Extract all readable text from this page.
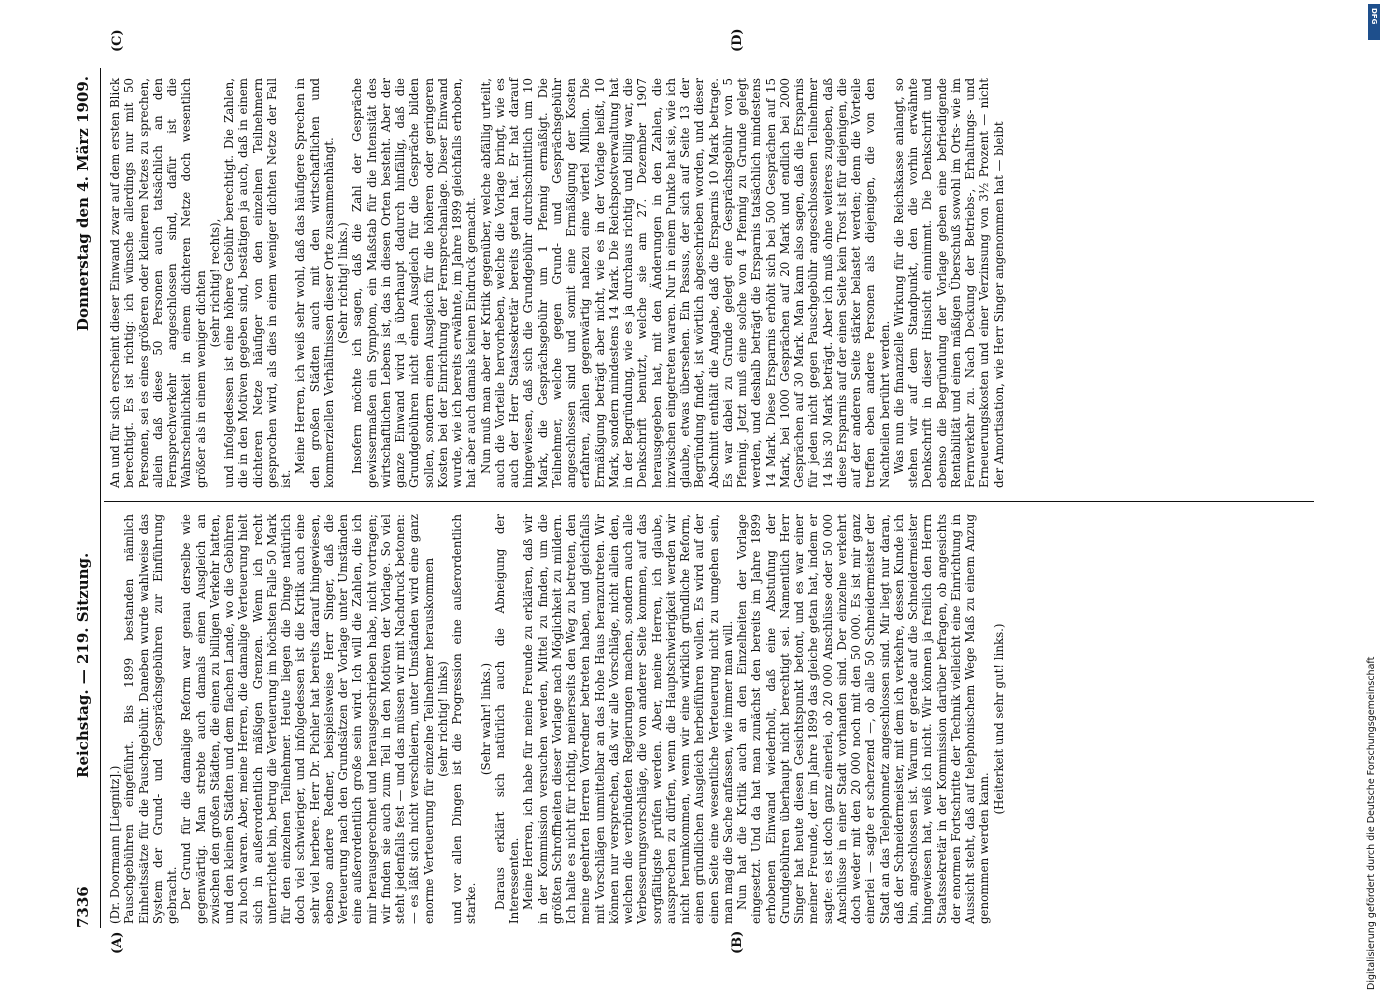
7336
Reichstag. — 219. Sitzung.
Donnerstag den 4. März 1909.
(A)	(B)
(C)	(D)

(Dr. Doormann [Liegnitz].) Pauschgebühren eingeführt. Bis 1899 bestanden nämlich Einheitssätze für die Pauschgebühr. Daneben wurde wahlweise das System der Grund- und Gesprächsgebühren zur Einführung gebracht. Der Grund für die damalige Reform war genau derselbe wie gegenwärtig. Man strebte auch damals einen Ausgleich an zwischen den großen Städten, die einen zu billigen Verkehr hatten, und den kleinen Städten und dem flachen Lande, wo die Gebühren zu hoch waren. Aber, meine Herren, die damalige Verteuerung hielt sich in außerordentlich mäßigen Grenzen. Wenn ich recht unterrichtet bin, betrug die Verteuerung im höchsten Falle 50 Mark für den einzelnen Teilnehmer. Heute liegen die Dinge natürlich doch viel schwieriger, und infolgedessen ist die Kritik auch eine sehr viel herbere. Herr Dr. Pichler hat bereits darauf hingewiesen, ebenso andere Redner, beispielsweise Herr Singer, daß die Verteuerung nach den Grundsätzen der Vorlage unter Umständen eine außerordentlich große sein wird. Ich will die Zahlen, die ich mir herausgerechnet und herausgeschrieben habe, nicht vortragen; wir finden sie auch zum Teil in den Motiven der Vorlage. So viel steht jedenfalls fest — und das müssen wir mit Nachdruck betonen: — es läßt sich nicht verschleiern, unter Umständen wird eine ganz enorme Verteuerung für einzelne Teilnehmer herauskommen (sehr richtig! links) und vor allen Dingen ist die Progression eine außerordentlich starke.

(Sehr wahr! links.) Daraus erklärt sich natürlich auch die Abneigung der Interessenten. Meine Herren, ich habe für meine Freunde zu erklären, daß wir in der Kommission versuchen werden, Mittel zu finden, um die größten Schroffheiten dieser Vorlage nach Möglichkeit zu mildern. Ich halte es nicht für richtig, meinerseits den Weg zu betreten, den meine geehrten Herren Vorredner betreten haben, und gleichfalls mit Vorschlägen unmittelbar an das Hohe Haus heranzutreten. Wir können nur versprechen, daß wir alle Vorschläge, nicht allein den, welchen die verbündeten Regierungen machen, sondern auch alle Verbesserungsvorschläge, die von anderer Seite kommen, auf das sorgfältigste prüfen werden. Aber, meine Herren, ich glaube, aussprechen zu dürfen, wenn die Hauptschwierigkeit werden wir nicht herumkommen, wenn wir eine wirklich gründliche Reform, einen gründlichen Ausgleich herbeiführen wollen. Es wird auf der einen Seite eine wesentliche Verteuerung nicht zu umgehen sein, man mag die Sache anfassen, wie immer man will. Nun hat die Kritik auch an den Einzelheiten der Vorlage eingesetzt. Und da hat man zunächst den bereits im Jahre 1899 erhobenen Einwand wiederholt, daß eine Abstufung der Grundgebühren überhaupt nicht berechtigt sei. Namentlich Herr Singer hat heute diesen Gesichtspunkt betont, und es war einer meiner Freunde, der im Jahre 1899 das gleiche getan hat, indem er sagte: es ist doch ganz einerlei, ob 20 000 Anschlüsse oder 50 000 Anschlüsse in einer Stadt vorhanden sind. Der einzelne verkehrt doch weder mit den 20 000 noch mit den 50 000. Es ist mir ganz einerlei — sagte er scherzend —, ob alle 50 Schneidermeister der Stadt an das Telephonnetz angeschlossen sind. Mir liegt nur daran, daß der Schneidermeister, mit dem ich verkehre, dessen Kunde ich bin, angeschlossen ist. Warum er gerade auf die Schneidermeister hingewiesen hat, weiß ich nicht. Wir können ja freilich den Herrn Staatssekretär in der Kommission darüber befragen, ob angesichts der enormen Fortschritte der Technik vielleicht eine Einrichtung in Aussicht steht, daß auf telephonischem Wege Maß zu einem Anzug genommen werden kann.

(Heiterkeit und sehr gut! links.)

An und für sich erscheint dieser Einwand zwar auf dem ersten Blick berechtigt. Es ist richtig: ich wünsche allerdings nur mit 50 Personen, sei es eines größeren oder kleineren Netzes zu sprechen, allein daß diese 50 Personen auch tatsächlich an den Fernsprechverkehr angeschlossen sind, dafür ist die Wahrscheinlichkeit in einem dichteren Netze doch wesentlich größer als in einem weniger dichten (sehr richtig! rechts), und infolgedessen ist eine höhere Gebühr berechtigt. Die Zahlen, die in den Motiven gegeben sind, bestätigen ja auch, daß in einem dichteren Netze häufiger von den einzelnen Teilnehmern gesprochen wird, als dies in einem weniger dichten Netze der Fall ist.

Meine Herren, ich weiß sehr wohl, daß das häufigere Sprechen in den großen Städten auch mit den wirtschaftlichen und kommerziellen Verhältnissen dieser Orte zusammenhängt. (Sehr richtig! links.) Insofern möchte ich sagen, daß die Zahl der Gespräche gewissermaßen ein Symptom, ein Maßstab für die Intensität des wirtschaftlichen Lebens ist, das in diesen Orten besteht. Aber der ganze Einwand wird ja überhaupt dadurch hinfällig, daß die Grundgebühren nicht einen Ausgleich für die Gespräche bilden sollen, sondern einen Ausgleich für die höheren oder geringeren Kosten bei der Einrichtung der Fernsprechanlage. Dieser Einwand wurde, wie ich bereits erwähnte, im Jahre 1899 gleichfalls erhoben, hat aber auch damals keinen Eindruck gemacht. Nun muß man aber der Kritik gegenüber, welche abfällig urteilt, auch die Vorteile hervorheben, welche die Vorlage bringt, wie es auch der Herr Staatssekretär bereits getan hat. Er hat darauf hingewiesen, daß sich die Grundgebühr durchschnittlich um 10 Mark, die Gesprächsgebühr um 1 Pfennig ermäßigt. Die Teilnehmer, welche gegen Grund- und Gesprächsgebühr angeschlossen sind und somit eine Ermäßigung der Kosten erfahren, zählen gegenwärtig nahezu eine viertel Million. Die Ermäßigung beträgt aber nicht, wie es in der Vorlage heißt, 10 Mark, sondern mindestens 14 Mark. Die Reichspostverwaltung hat in der Begründung, wie es ja durchaus richtig und billig war, die Denkschrift benutzt, welche sie am 27. Dezember 1907 herausgegeben hat, mit den Änderungen in den Zahlen, die inzwischen eingetreten waren. Nur in einem Punkte hat sie, wie ich glaube, etwas übersehen. Ein Passus, der sich auf Seite 13 der Begründung findet, ist wörtlich abgeschrieben worden, und dieser Abschnitt enthält die Angabe, daß die Ersparnis 10 Mark betrage. Es war dabei zu Grunde gelegt eine Gesprächsgebühr von 5 Pfennig. Jetzt muß eine solche von 4 Pfennig zu Grunde gelegt werden, und deshalb beträgt die Ersparnis tatsächlich mindestens 14 Mark. Diese Ersparnis erhöht sich bei 500 Gesprächen auf 15 Mark, bei 1000 Gesprächen auf 20 Mark und endlich bei 2000 Gesprächen auf 30 Mark. Man kann also sagen, daß die Ersparnis für jeden nicht gegen Pauschgebühr angeschlossenen Teilnehmer 14 bis 30 Mark beträgt. Aber ich muß ohne weiteres zugeben, daß diese Ersparnis auf der einen Seite kein Trost ist für diejenigen, die auf der anderen Seite stärker belastet werden; denn die Vorteile treffen eben andere Personen als diejenigen, die von den Nachteilen berührt werden. Was nun die finanzielle Wirkung für die Reichskasse anlangt, so stehen wir auf dem Standpunkt, den die vorhin erwähnte Denkschrift in dieser Hinsicht einnimmt. Die Denkschrift und ebenso die Begründung der Vorlage geben eine befriedigende Rentabilität und einen mäßigen Überschuß sowohl im Orts- wie im Fernverkehr zu. Nach Deckung der Betriebs-, Erhaltungs- und Erneuerungskosten und einer Verzinsung von 3½ Prozent — nicht der Amortisation, wie Herr Singer angenommen hat — bleibt

DFG
Digitalisierung gefördert durch die Deutsche Forschungsgemeinschaft
